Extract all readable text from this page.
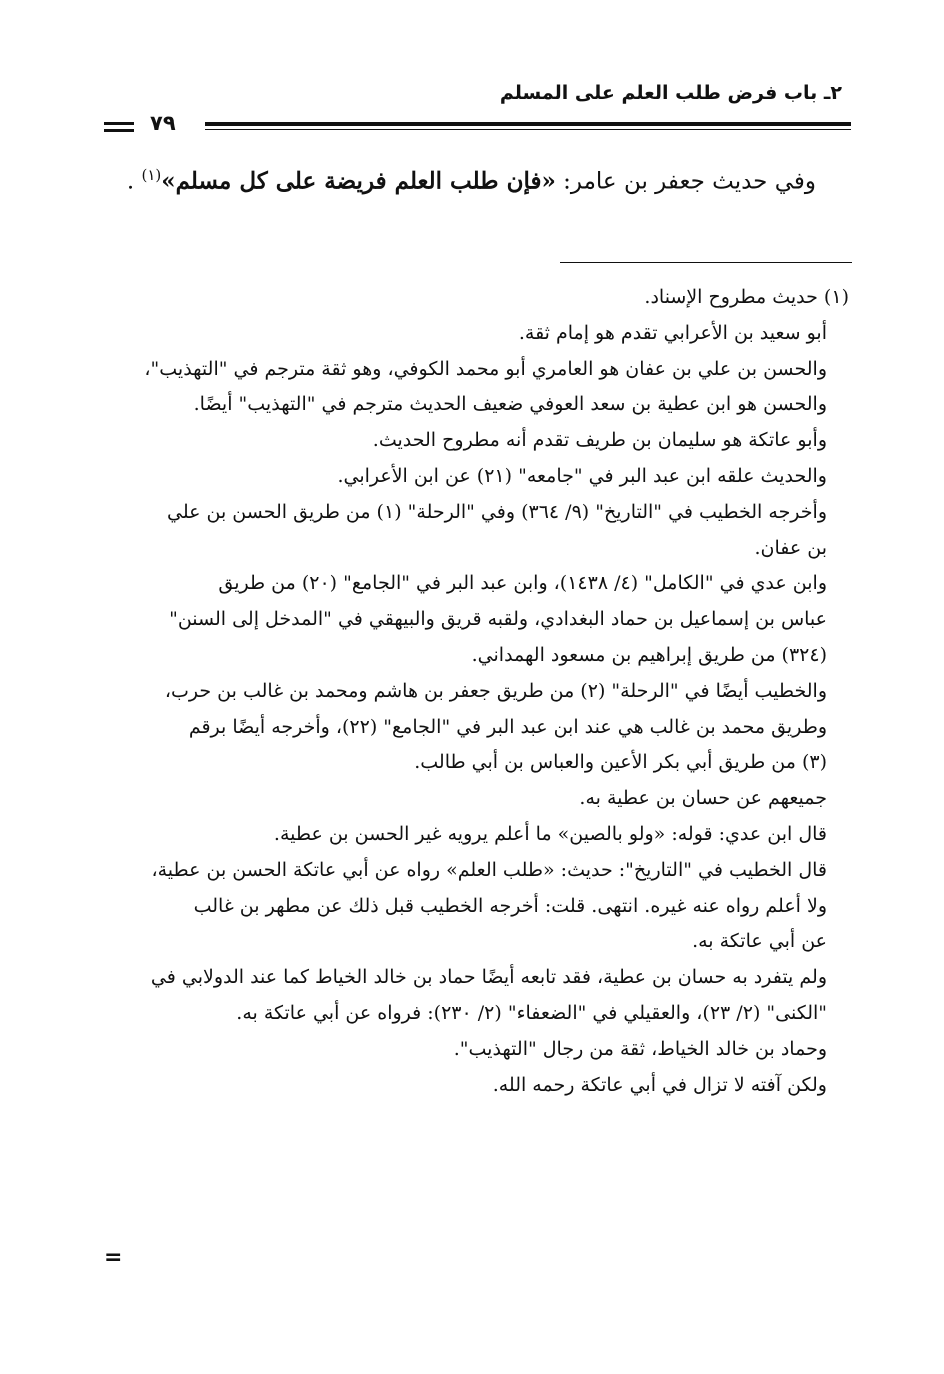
٢ـ باب فرض طلب العلم على المسلم
٧٩
وفي حديث جعفر بن عامر: «فإن طلب العلم فريضة على كل مسلم»$^{(١)}$ .
(١) حديث مطروح الإسناد.
أبو سعيد بن الأعرابي تقدم هو إمام ثقة.
والحسن بن علي بن عفان هو العامري أبو محمد الكوفي، وهو ثقة مترجم في "التهذيب"،
والحسن هو ابن عطية بن سعد العوفي ضعيف الحديث مترجم في "التهذيب" أيضًا.
وأبو عاتكة هو سليمان بن طريف تقدم أنه مطروح الحديث.
والحديث علقه ابن عبد البر في "جامعه" (٢١) عن ابن الأعرابي.
وأخرجه الخطيب في "التاريخ" (٩/ ٣٦٤) وفي "الرحلة" (١) من طريق الحسن بن علي
بن عفان.
وابن عدي في "الكامل" (٤/ ١٤٣٨)، وابن عبد البر في "الجامع" (٢٠) من طريق
عباس بن إسماعيل بن حماد البغدادي، ولقبه قريق والبيهقي في "المدخل إلى السنن"
(٣٢٤) من طريق إبراهيم بن مسعود الهمداني.
والخطيب أيضًا في "الرحلة" (٢) من طريق جعفر بن هاشم ومحمد بن غالب بن حرب،
وطريق محمد بن غالب هي عند ابن عبد البر في "الجامع" (٢٢)، وأخرجه أيضًا برقم
(٣) من طريق أبي بكر الأعين والعباس بن أبي طالب.
جميعهم عن حسان بن عطية به.
قال ابن عدي: قوله: «ولو بالصين» ما أعلم يرويه غير الحسن بن عطية.
قال الخطيب في "التاريخ": حديث: «طلب العلم» رواه عن أبي عاتكة الحسن بن عطية،
ولا أعلم رواه عنه غيره. انتهى. قلت: أخرجه الخطيب قبل ذلك عن مطهر بن غالب
عن أبي عاتكة به.
ولم يتفرد به حسان بن عطية، فقد تابعه أيضًا حماد بن خالد الخياط كما عند الدولابي في
"الكنى" (٢/ ٢٣)، والعقيلي في "الضعفاء" (٢/ ٢٣٠): فرواه عن أبي عاتكة به.
وحماد بن خالد الخياط، ثقة من رجال "التهذيب".
ولكن آفته لا تزال في أبي عاتكة رحمه الله.
=
